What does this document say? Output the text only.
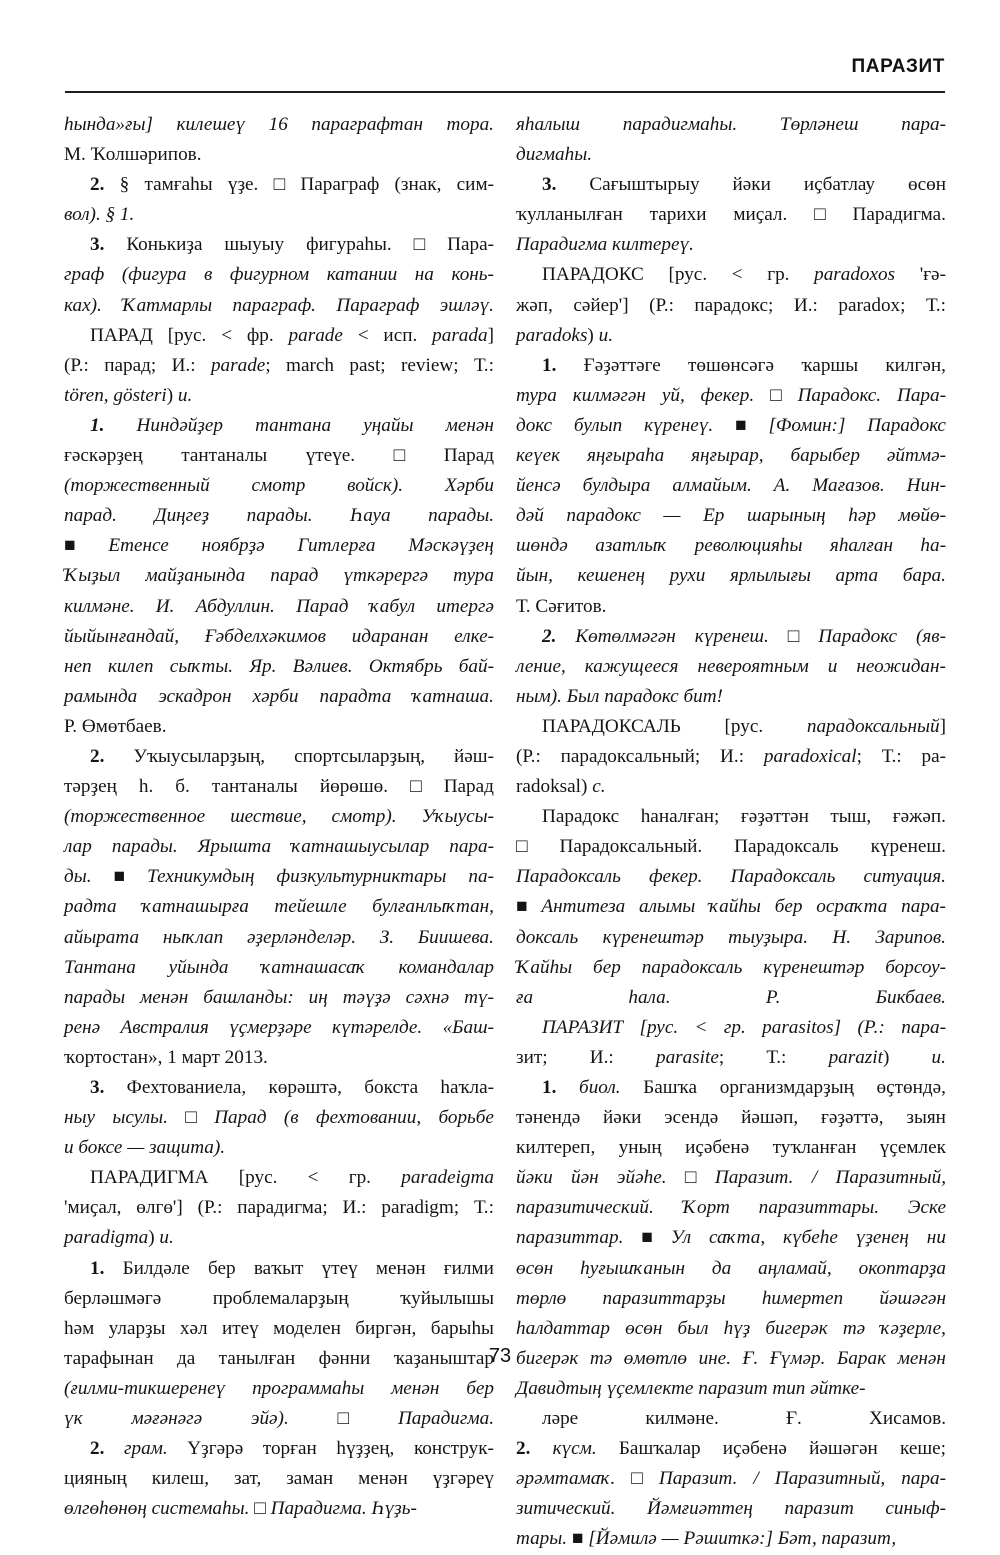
ПАРАЗИТ
һында»ғы] килешеү 16 параграфтан тора.
М. Ҡолшәрипов.
2. § тамғаһы үҙе. □ Параграф (знак, сим-
вол). § 1.
3. Конькиҙа шыуыу фигураһы. □ Пара-
граф (фигура в фигурном катании на конь-
ках). Ҡатмарлы параграф. Параграф эшләү.
ПАРАД [рус. < фр. parade < исп. parada]
(Р.: парад; И.: parade; march past; review; Т.:
tören, gösteri) и.
1. Ниндәйҙер тантана уңайы менән
ғәскәрҙең тантаналы үтеүе. □ Парад
(торжественный смотр войск). Хәрби
парад. Диңгеҙ парады. Һауа парады.
■ Етенсе ноябрҙә Гитлерға Мәскәүҙең
Ҡыҙыл майҙанында парад үткәрергә тура
килмәне. И. Абдуллин. Парад ҡабул итергә
йыйынғандай, Ғәбделхәкимов идаранан елке-
неп килеп сыҡты. Яр. Вәлиев. Октябрь бай-
рамында эскадрон хәрби парадта ҡатнаша.
Р. Өмөтбаев.
2. Уҡыусыларҙың, спортсыларҙың, йәш-
тәрҙең һ. б. тантаналы йөрөшө. □ Парад
(торжественное шествие, смотр). Уҡыусы-
лар парады. Ярышта ҡатнашыусылар пара-
ды. ■ Техникумдың физкультурниктары па-
радта ҡатнашырға тейешле булғанлыҡтан,
айырата ныҡлап әҙерләнделәр. З. Биишева.
Тантана уйында ҡатнашасаҡ командалар
парады менән башланды: иң тәүҙә сәхнә тү-
ренә Австралия үҫмерҙәре күтәрелде. «Баш-
ҡортостан», 1 март 2013.
3. Фехтованиела, көрәштә, бокста һаҡла-
ныу ысулы. □ Парад (в фехтовании, борьбе
и боксе — защита).
ПАРАДИГМА [рус. < гр. paradeigma
'миҫал, өлгө'] (Р.: парадигма; И.: paradigm; Т.:
paradigma) и.
1. Билдәле бер ваҡыт үтеү менән ғилми
берләшмәгә	проблемаларҙың	ҡуйылышы
һәм уларҙы хәл итеү моделен биргән, барыһы
тарафынан да танылған фәнни ҡаҙаныштар
(ғилми-тикшеренеү программаһы менән бер
үк	мәғәнәгә	эйә).	□	Парадигма.
2. грам. Үҙгәрә торған һүҙҙең, конструк-
цияның килеш, зат, заман менән үҙгәреү
өлгөһөнөң системаһы. □ Парадигма. Һүҙь-
яһалыш парадигмаһы. Төрләнеш пара-
дигмаһы.
3. Сағыштырыу йәки иҫбатлау өсөн
ҡулланылған тарихи миҫал. □ Парадигма.
Парадигма килтереү.
ПАРАДОКС [рус. < гр. paradoxos 'ғә-
жәп, сәйер'] (Р.: парадокс; И.: paradox; Т.:
paradoks) и.
1. Ғәҙәттәге төшөнсәгә ҡаршы килгән,
тура килмәгән уй, фекер. □ Парадокс. Пара-
докс булып күренеү. ■ [Фомин:] Парадокс
кеүек яңғыраһа яңғырар, барыбер әйтмә-
йенсә булдыра алмайым. А. Мағазов. Нин-
дәй парадокс — Ер шарының һәр мөйө-
шөндә азатлыҡ революцияһы яһалған һа-
йын, кешенең рухи ярлылығы арта бара.
Т. Сәғитов.
2. Көтөлмәгән күренеш. □ Парадокс (яв-
ление, кажущееся невероятным и неожидан-
ным). Был парадокс бит!
ПАРАДОКСАЛЬ [рус. парадоксальный]
(Р.: парадоксальный; И.: paradoxical; Т.: pa-
radoksal) с.
Парадокс һаналған; ғәҙәттән тыш, ғәжәп.
□ Парадоксальный. Парадоксаль күренеш.
Парадоксаль фекер. Парадоксаль ситуация.
■ Антитеза алымы ҡайһы бер осраҡта пара-
доксаль күренештәр тыуҙыра. Н. Зарипов.
Ҡайһы бер парадоксаль күренештәр борсоу-
ға	һала.	Р.	Бикбаев.
ПАРАЗИТ [рус. < гр. parasitos] (Р.: пара-
зит; И.: parasite; Т.: parazit) и.
1. биол. Башҡа организмдарҙың өҫтөндә,
тәнендә йәки эсендә йәшәп, ғәҙәттә, зыян
килтереп, уның иҫәбенә туҡланған үҫемлек
йәки йән эйәһе. □ Паразит. / Паразитный,
паразитический. Ҡорт паразиттары. Эске
паразиттар. ■ Ул саҡта, күбеһе үҙенең ни
өсөн һуғышҡанын да аңламай, окоптарҙа
төрлө паразиттарҙы һимертеп йәшәгән
һалдаттар өсөн был һүҙ бигерәк тә ҡәҙерле,
бигерәк тә өмөтлө ине. Ғ. Ғүмәр. Барак менән
Давидтың үҫемлекте паразит тип әйтке-
ләре	килмәне.	Ғ.	Хисамов.
2. күсм. Башҡалар иҫәбенә йәшәгән кеше;
әрәмтамаҡ. □ Паразит. / Паразитный, пара-
зитический. Йәмғиәттең паразит синыф-
тары. ■ [Йәмилә — Рәшиткә:] Бәт, паразит,
73
